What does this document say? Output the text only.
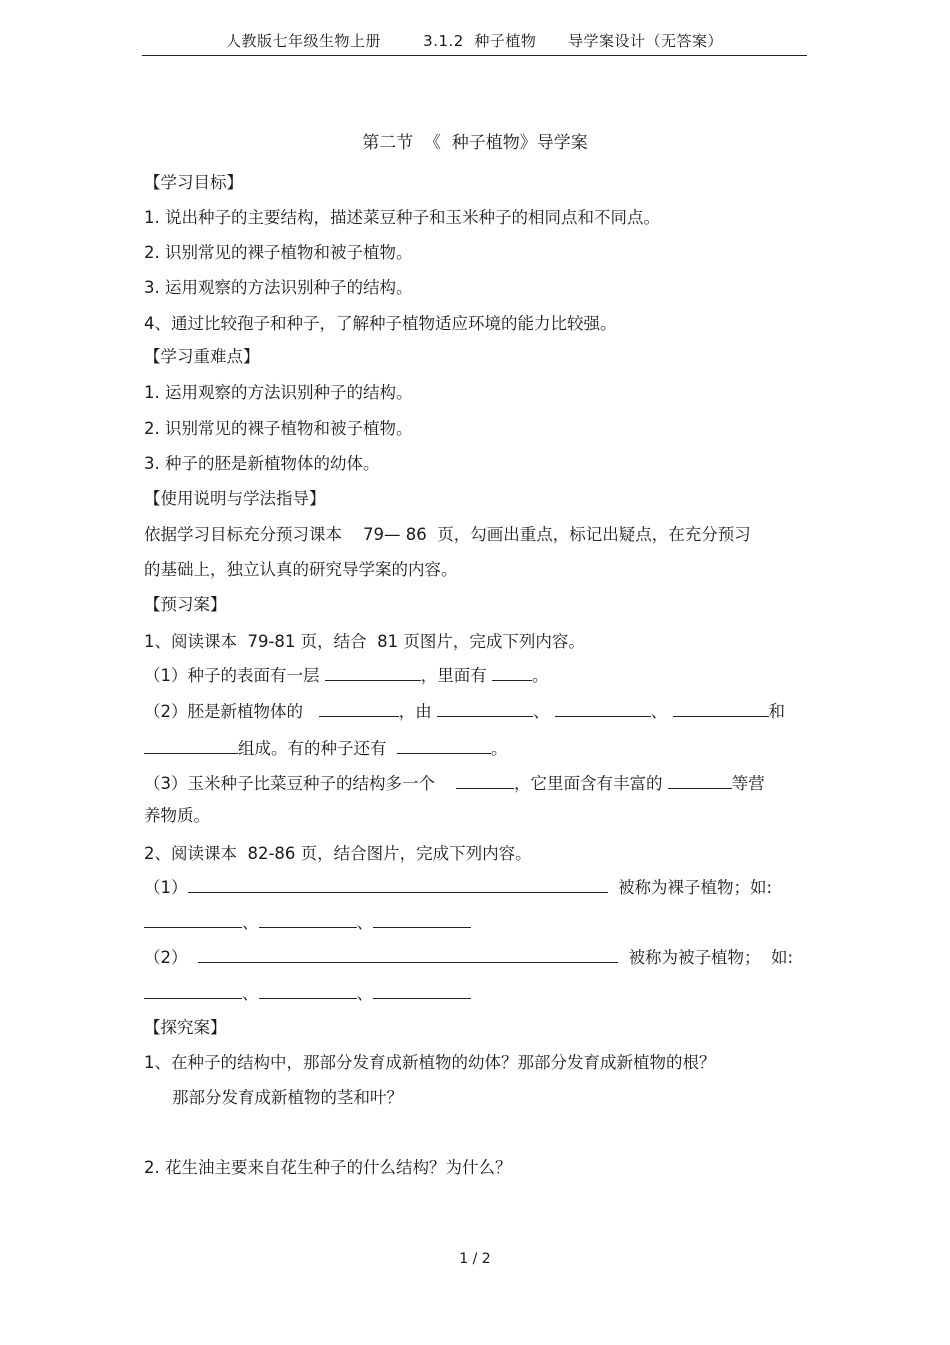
人教版七年级生物上册        3.1.2  种子植物      导学案设计（无答案）
第二节  《  种子植物》导学案
【学习目标】
1. 说出种子的主要结构，描述菜豆种子和玉米种子的相同点和不同点。
2. 识别常见的裸子植物和被子植物。
3. 运用观察的方法识别种子的结构。
4、通过比较孢子和种子，了解种子植物适应环境的能力比较强。
【学习重难点】
1. 运用观察的方法识别种子的结构。
2. 识别常见的裸子植物和被子植物。
3. 种子的胚是新植物体的幼体。
【使用说明与学法指导】
依据学习目标充分预习课本    79— 86  页，勾画出重点，标记出疑点，在充分预习
的基础上，独立认真的研究导学案的内容。
【预习案】
1、阅读课本  79-81 页，结合  81 页图片，完成下列内容。
（1）种子的表面有一层	，里面有	。
（2）胚是新植物体的	，由	、	、	和
组成。有的种子还有	。
（3）玉米种子比菜豆种子的结构多一个	，它里面含有丰富的	等营
养物质。
2、阅读课本  82-86 页，结合图片，完成下列内容。
（1）	被称为裸子植物；如:
、	、
（2）	被称为被子植物；  如:
、	、
【探究案】
1、在种子的结构中，那部分发育成新植物的幼体？那部分发育成新植物的根？
那部分发育成新植物的茎和叶？
2. 花生油主要来自花生种子的什么结构？为什么？
1 / 2
